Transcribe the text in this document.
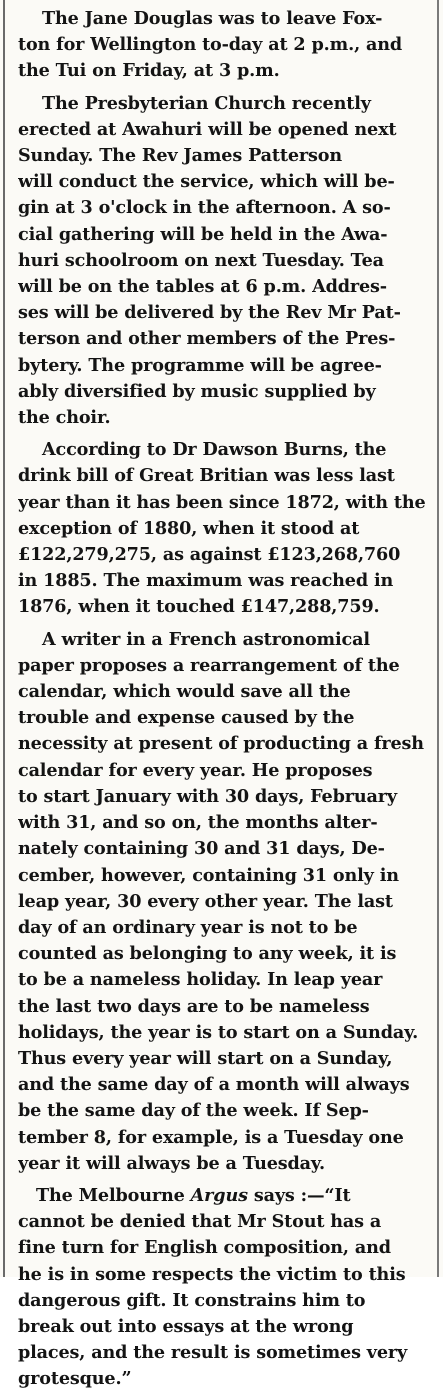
The Jane Douglas was to leave Fox-
ton for Wellington to-day at 2 p.m., and
the Tui on Friday, at 3 p.m.
The Presbyterian Church recently
erected at Awahuri will be opened next
Sunday. The Rev James Patterson
will conduct the service, which will be-
gin at 3 o'clock in the afternoon. A so-
cial gathering will be held in the Awa-
huri schoolroom on next Tuesday. Tea
will be on the tables at 6 p.m. Addres-
ses will be delivered by the Rev Mr Pat-
terson and other members of the Pres-
bytery. The programme will be agree-
ably diversified by music supplied by
the choir.
According to Dr Dawson Burns, the
drink bill of Great Britian was less last
year than it has been since 1872, with the
exception of 1880, when it stood at
£122,279,275, as against £123,268,760
in 1885. The maximum was reached in
1876, when it touched £147,288,759.
A writer in a French astronomical
paper proposes a rearrangement of the
calendar, which would save all the
trouble and expense caused by the
necessity at present of producting a fresh
calendar for every year. He proposes
to start January with 30 days, February
with 31, and so on, the months alter-
nately containing 30 and 31 days, De-
cember, however, containing 31 only in
leap year, 30 every other year. The last
day of an ordinary year is not to be
counted as belonging to any week, it is
to be a nameless holiday. In leap year
the last two days are to be nameless
holidays, the year is to start on a Sunday.
Thus every year will start on a Sunday,
and the same day of a month will always
be the same day of the week. If Sep-
tember 8, for example, is a Tuesday one
year it will always be a Tuesday.
The Melbourne Argus says :—“It
cannot be denied that Mr Stout has a
fine turn for English composition, and
he is in some respects the victim to this
dangerous gift. It constrains him to
break out into essays at the wrong
places, and the result is sometimes very
grotesque.”
